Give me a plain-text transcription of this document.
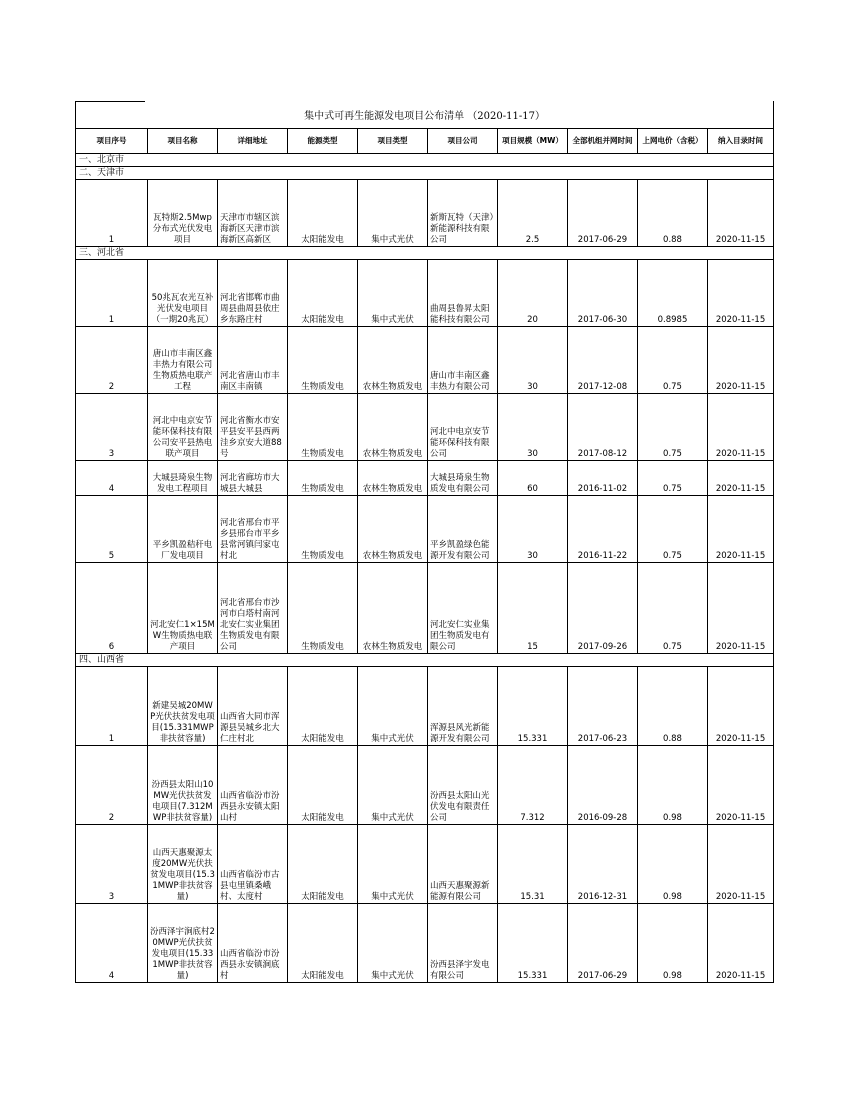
集中式可再生能源发电项目公布清单 （2020-11-17）									
项目序号	项目名称	详细地址	能源类型	项目类型	项目公司	项目规模（MW）	全部机组并网时间	上网电价（含税）	纳入目录时间
一、北京市									
二、天津市									
1	瓦特斯2.5Mwp分布式光伏发电项目	天津市市辖区滨海新区天津市滨海新区高新区	太阳能发电	集中式光伏	新斯瓦特（天津）新能源科技有限公司	2.5	2017-06-29	0.88	2020-11-15
三、河北省									
1	50兆瓦农光互补光伏发电项目（一期20兆瓦）	河北省邯郸市曲周县曲周县依庄乡东路庄村	太阳能发电	集中式光伏	曲周县鲁昇太阳能科技有限公司	20	2017-06-30	0.8985	2020-11-15
2	唐山市丰南区鑫丰热力有限公司生物质热电联产工程	河北省唐山市丰南区丰南镇	生物质发电	农林生物质发电	唐山市丰南区鑫丰热力有限公司	30	2017-12-08	0.75	2020-11-15
3	河北中电京安节能环保科技有限公司安平县热电联产项目	河北省衡水市安平县安平县西两洼乡京安大道88号	生物质发电	农林生物质发电	河北中电京安节能环保科技有限公司	30	2017-08-12	0.75	2020-11-15
4	大城县琦泉生物发电工程项目	河北省廊坊市大城县大城县	生物质发电	农林生物质发电	大城县琦泉生物质发电有限公司	60	2016-11-02	0.75	2020-11-15
5	平乡凯盈秸秆电厂发电项目	河北省邢台市平乡县邢台市平乡县常河镇闫家屯村北	生物质发电	农林生物质发电	平乡凯盈绿色能源开发有限公司	30	2016-11-22	0.75	2020-11-15
6	河北安仁1×15MW生物质热电联产项目	河北省邢台市沙河市白塔村南河北安仁实业集团生物质发电有限公司	生物质发电	农林生物质发电	河北安仁实业集团生物质发电有限公司	15	2017-09-26	0.75	2020-11-15
四、山西省									
1	新建吴城20MWP光伏扶贫发电项目(15.331MWP非扶贫容量)	山西省大同市浑源县吴城乡北大仁庄村北	太阳能发电	集中式光伏	浑源县风光新能源开发有限公司	15.331	2017-06-23	0.88	2020-11-15
2	汾西县太阳山10MW光伏扶贫发电项目(7.312MWP非扶贫容量)	山西省临汾市汾西县永安镇太阳山村	太阳能发电	集中式光伏	汾西县太阳山光伏发电有限责任公司	7.312	2016-09-28	0.98	2020-11-15
3	山西天惠聚源太度20MW光伏扶贫发电项目(15.31MWP非扶贫容量)	山西省临汾市古县屯里镇桑峨村、太度村	太阳能发电	集中式光伏	山西天惠聚源新能源有限公司	15.31	2016-12-31	0.98	2020-11-15
4	汾西泽宇涧底村20MWP光伏扶贫发电项目(15.331MWP非扶贫容量)	山西省临汾市汾西县永安镇涧底村	太阳能发电	集中式光伏	汾西县泽宇发电有限公司	15.331	2017-06-29	0.98	2020-11-15
